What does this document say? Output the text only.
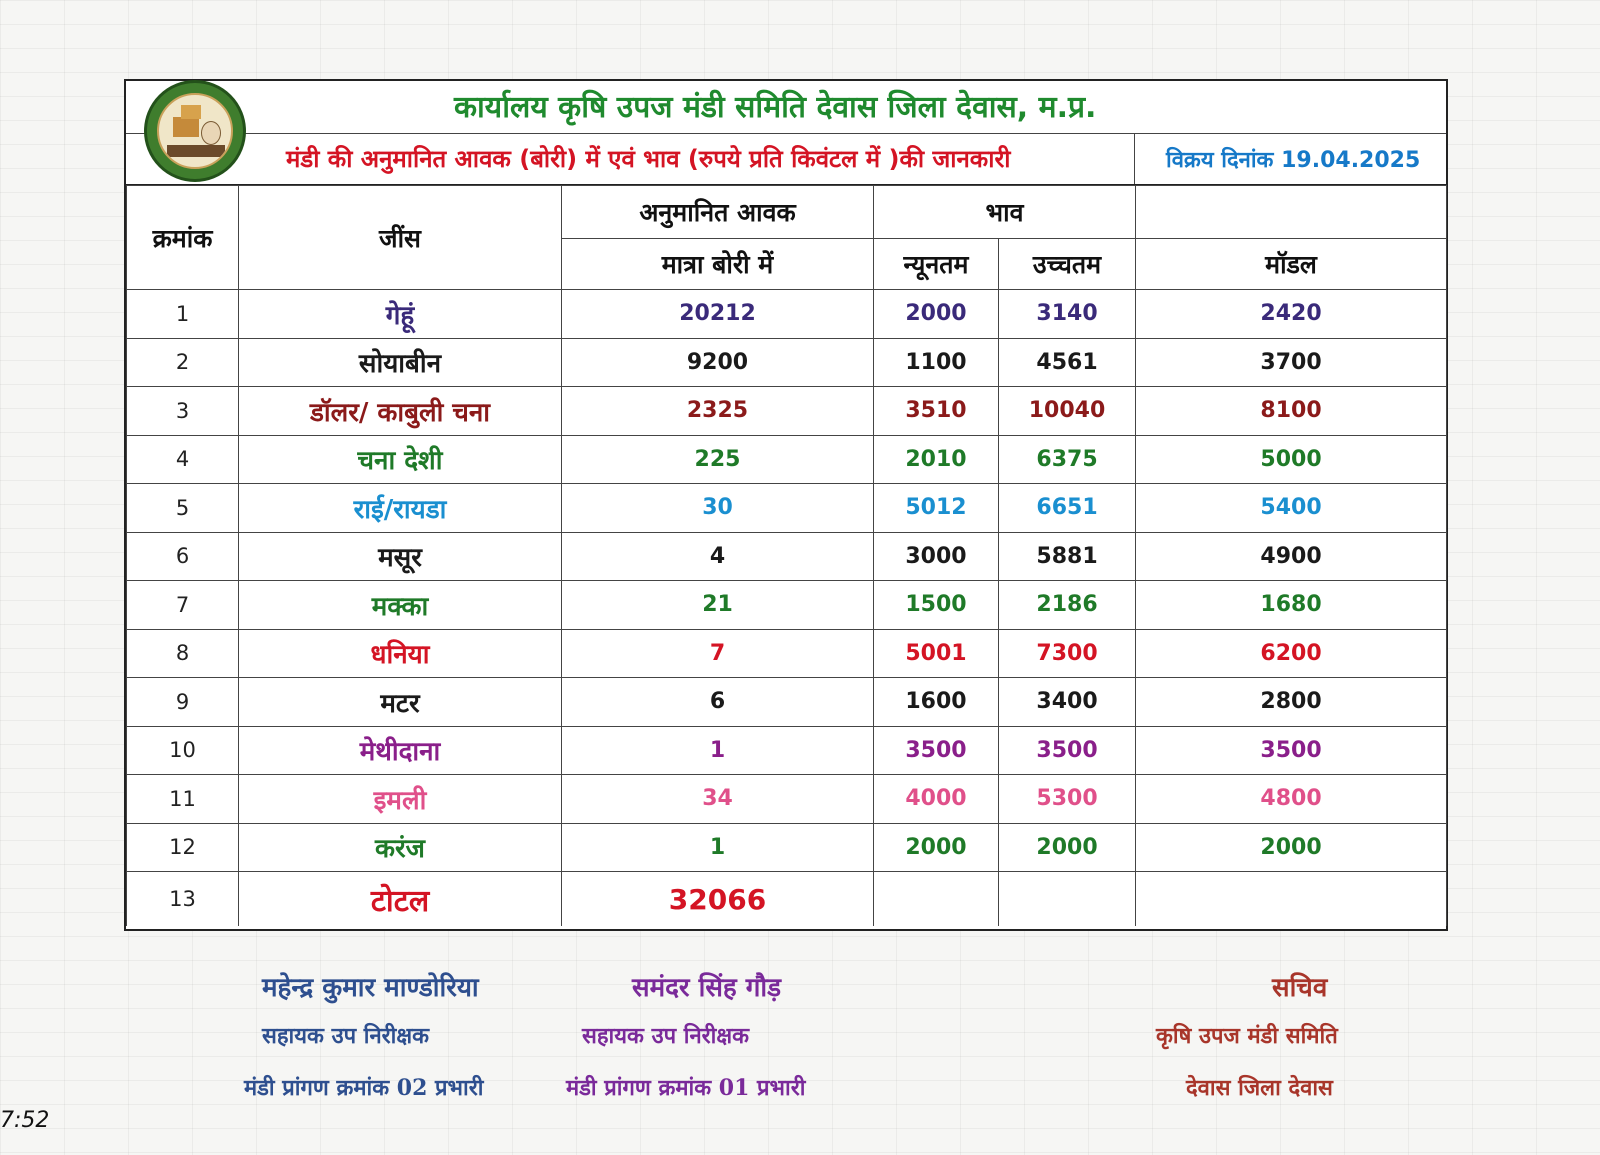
कार्यालय कृषि उपज मंडी समिति देवास जिला देवास, म.प्र.
मंडी की अनुमानित आवक (बोरी) में एवं भाव (रुपये प्रति किवंटल में )की जानकारी	विक्रय दिनांक 19.04.2025
क्रमांक	जींस	अनुमानित आवक	भाव		
		मात्रा बोरी में	न्यूनतम	उच्चतम	मॉडल
1	गेहूं	20212	2000	3140	2420
2	सोयाबीन	9200	1100	4561	3700
3	डॉलर/ काबुली चना	2325	3510	10040	8100
4	चना देशी	225	2010	6375	5000
5	राई/रायडा	30	5012	6651	5400
6	मसूर	4	3000	5881	4900
7	मक्का	21	1500	2186	1680
8	धनिया	7	5001	7300	6200
9	मटर	6	1600	3400	2800
10	मेथीदाना	1	3500	3500	3500
11	इमली	34	4000	5300	4800
12	करंज	1	2000	2000	2000
13	टोटल	32066			
महेन्द्र कुमार माण्डोरिया
सहायक उप निरीक्षक
मंडी प्रांगण क्रमांक 02 प्रभारी
समंदर सिंह गौड़
सहायक उप निरीक्षक
मंडी प्रांगण क्रमांक 01 प्रभारी
सचिव
कृषि उपज मंडी समिति
देवास जिला देवास
7:52
